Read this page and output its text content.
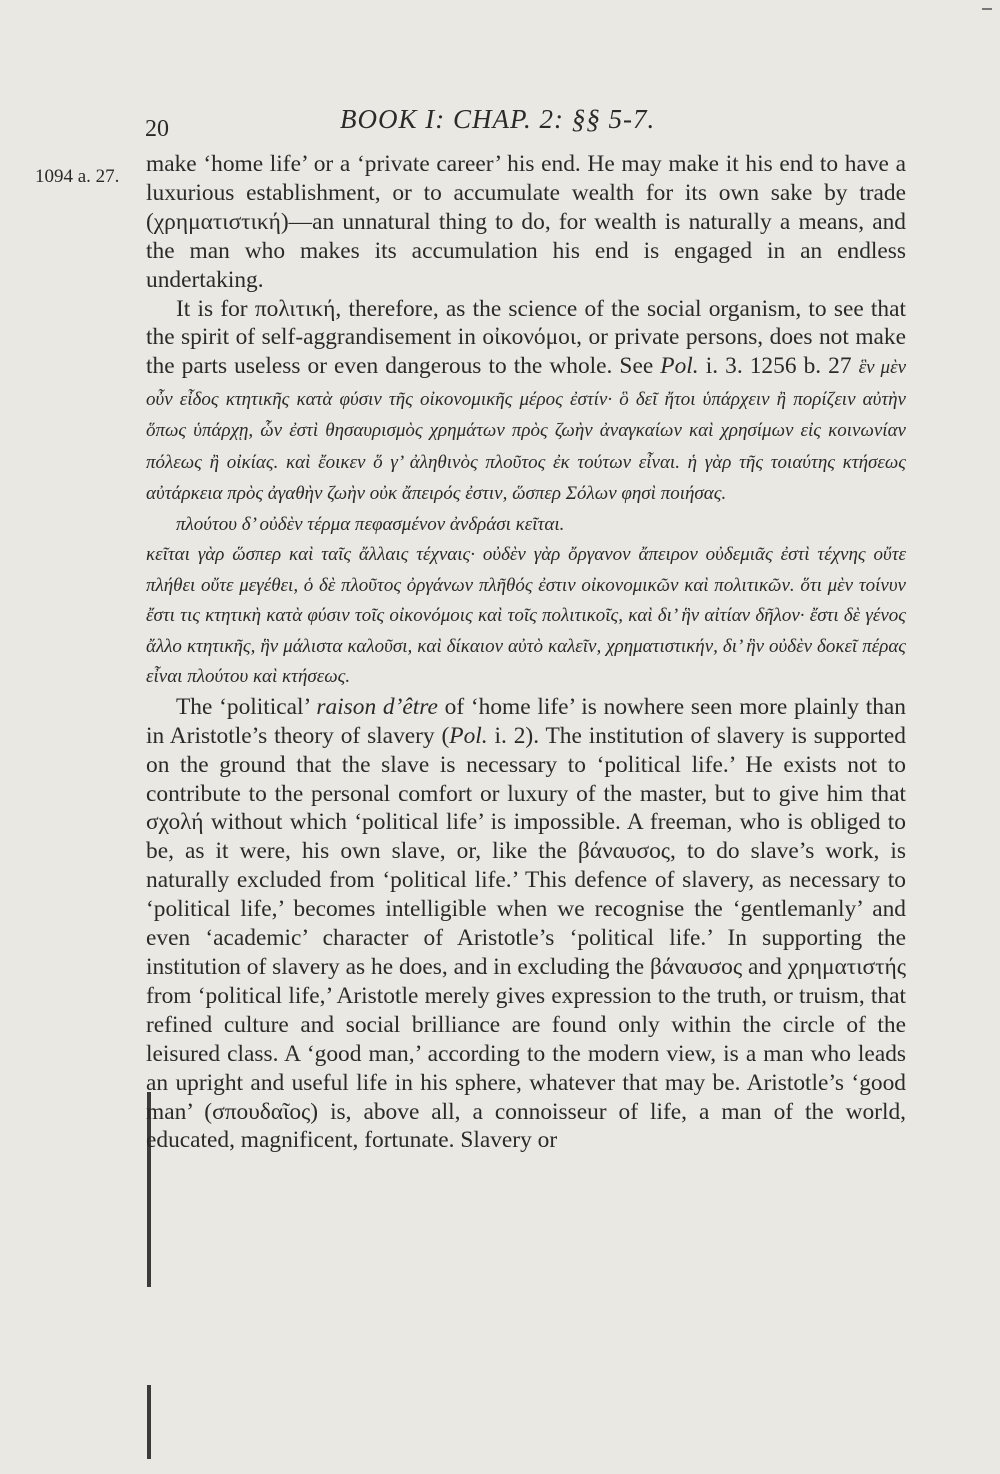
20	BOOK I: CHAP. 2: §§ 5-7.
1094 a. 27. make ‘home life’ or a ‘private career’ his end. He may make it his end to have a luxurious establishment, or to accumulate wealth for its own sake by trade (χρηματιστική)—an unnatural thing to do, for wealth is naturally a means, and the man who makes its accumulation his end is engaged in an endless undertaking.

It is for πολιτική, therefore, as the science of the social organism, to see that the spirit of self-aggrandisement in οἰκονόμοι, or private persons, does not make the parts useless or even dangerous to the whole. See Pol. i. 3. 1256 b. 27 ἓν μὲν οὖν εἶδος κτητικῆς κατὰ φύσιν τῆς οἰκονομικῆς μέρος ἐστίν· ὃ δεῖ ἤτοι ὑπάρχειν ἢ πορίζειν αὐτὴν ὅπως ὑπάρχῃ, ὧν ἐστὶ θησαυρισμὸς χρημάτων πρὸς ζωὴν ἀναγκαίων καὶ χρησίμων εἰς κοινωνίαν πόλεως ἢ οἰκίας. καὶ ἔοικεν ὅ γ’ ἀληθινὸς πλοῦτος ἐκ τούτων εἶναι. ἡ γὰρ τῆς τοιαύτης κτήσεως αὐτάρκεια πρὸς ἀγαθὴν ζωὴν οὐκ ἄπειρός ἐστιν, ὥσπερ Σόλων φησὶ ποιήσας.

πλούτου δ’ οὐδὲν τέρμα πεφασμένον ἀνδράσι κεῖται.

κεῖται γὰρ ὥσπερ καὶ ταῖς ἄλλαις τέχναις· οὐδὲν γὰρ ὄργανον ἄπειρον οὐδεμιᾶς ἐστὶ τέχνης οὔτε πλήθει οὔτε μεγέθει, ὁ δὲ πλοῦτος ὀργάνων πλῆθός ἐστιν οἰκονομικῶν καὶ πολιτικῶν. ὅτι μὲν τοίνυν ἔστι τις κτητικὴ κατὰ φύσιν τοῖς οἰκονόμοις καὶ τοῖς πολιτικοῖς, καὶ δι’ ἣν αἰτίαν δῆλον· ἔστι δὲ γένος ἄλλο κτητικῆς, ἣν μάλιστα καλοῦσι, καὶ δίκαιον αὐτὸ καλεῖν, χρηματιστικήν, δι’ ἣν οὐδὲν δοκεῖ πέρας εἶναι πλούτου καὶ κτήσεως.

The ‘political’ raison d’être of ‘home life’ is nowhere seen more plainly than in Aristotle’s theory of slavery (Pol. i. 2). The institution of slavery is supported on the ground that the slave is necessary to ‘political life.’ He exists not to contribute to the personal comfort or luxury of the master, but to give him that σχολή without which ‘political life’ is impossible. A freeman, who is obliged to be, as it were, his own slave, or, like the βάναυσος, to do slave’s work, is naturally excluded from ‘political life.’ This defence of slavery, as necessary to ‘political life,’ becomes intelligible when we recognise the ‘gentlemanly’ and even ‘academic’ character of Aristotle’s ‘political life.’ In supporting the institution of slavery as he does, and in excluding the βάναυσος and χρηματιστής from ‘political life,’ Aristotle merely gives expression to the truth, or truism, that refined culture and social brilliance are found only within the circle of the leisured class. A ‘good man,’ according to the modern view, is a man who leads an upright and useful life in his sphere, whatever that may be. Aristotle’s ‘good man’ (σπουδαῖος) is, above all, a connoisseur of life, a man of the world, educated, magnificent, fortunate. Slavery or
